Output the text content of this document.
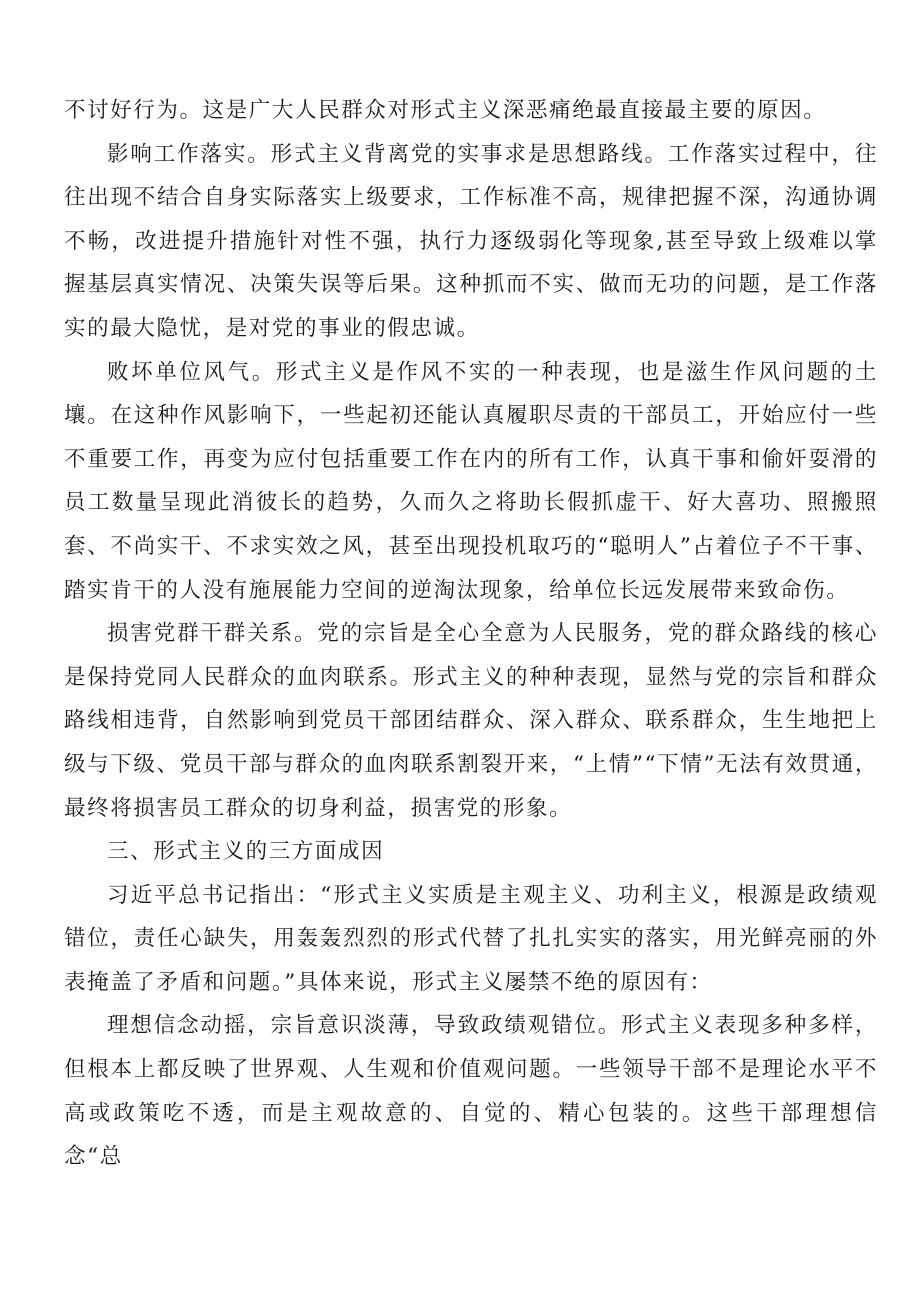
不讨好行为。这是广大人民群众对形式主义深恶痛绝最直接最主要的原因。

影响工作落实。形式主义背离党的实事求是思想路线。工作落实过程中，往往出现不结合自身实际落实上级要求，工作标准不高，规律把握不深，沟通协调不畅，改进提升措施针对性不强，执行力逐级弱化等现象,甚至导致上级难以掌握基层真实情况、决策失误等后果。这种抓而不实、做而无功的问题，是工作落实的最大隐忧，是对党的事业的假忠诚。

败坏单位风气。形式主义是作风不实的一种表现，也是滋生作风问题的土壤。在这种作风影响下，一些起初还能认真履职尽责的干部员工，开始应付一些不重要工作，再变为应付包括重要工作在内的所有工作，认真干事和偷奸耍滑的员工数量呈现此消彼长的趋势，久而久之将助长假抓虚干、好大喜功、照搬照套、不尚实干、不求实效之风，甚至出现投机取巧的“聪明人”占着位子不干事、踏实肯干的人没有施展能力空间的逆淘汰现象，给单位长远发展带来致命伤。

损害党群干群关系。党的宗旨是全心全意为人民服务，党的群众路线的核心是保持党同人民群众的血肉联系。形式主义的种种表现，显然与党的宗旨和群众路线相违背，自然影响到党员干部团结群众、深入群众、联系群众，生生地把上级与下级、党员干部与群众的血肉联系割裂开来，“上情”“下情”无法有效贯通，最终将损害员工群众的切身利益，损害党的形象。

三、形式主义的三方面成因

习近平总书记指出：“形式主义实质是主观主义、功利主义，根源是政绩观错位，责任心缺失，用轰轰烈烈的形式代替了扎扎实实的落实，用光鲜亮丽的外表掩盖了矛盾和问题。”具体来说，形式主义屡禁不绝的原因有：

理想信念动摇，宗旨意识淡薄，导致政绩观错位。形式主义表现多种多样，但根本上都反映了世界观、人生观和价值观问题。一些领导干部不是理论水平不高或政策吃不透，而是主观故意的、自觉的、精心包装的。这些干部理想信念“总
